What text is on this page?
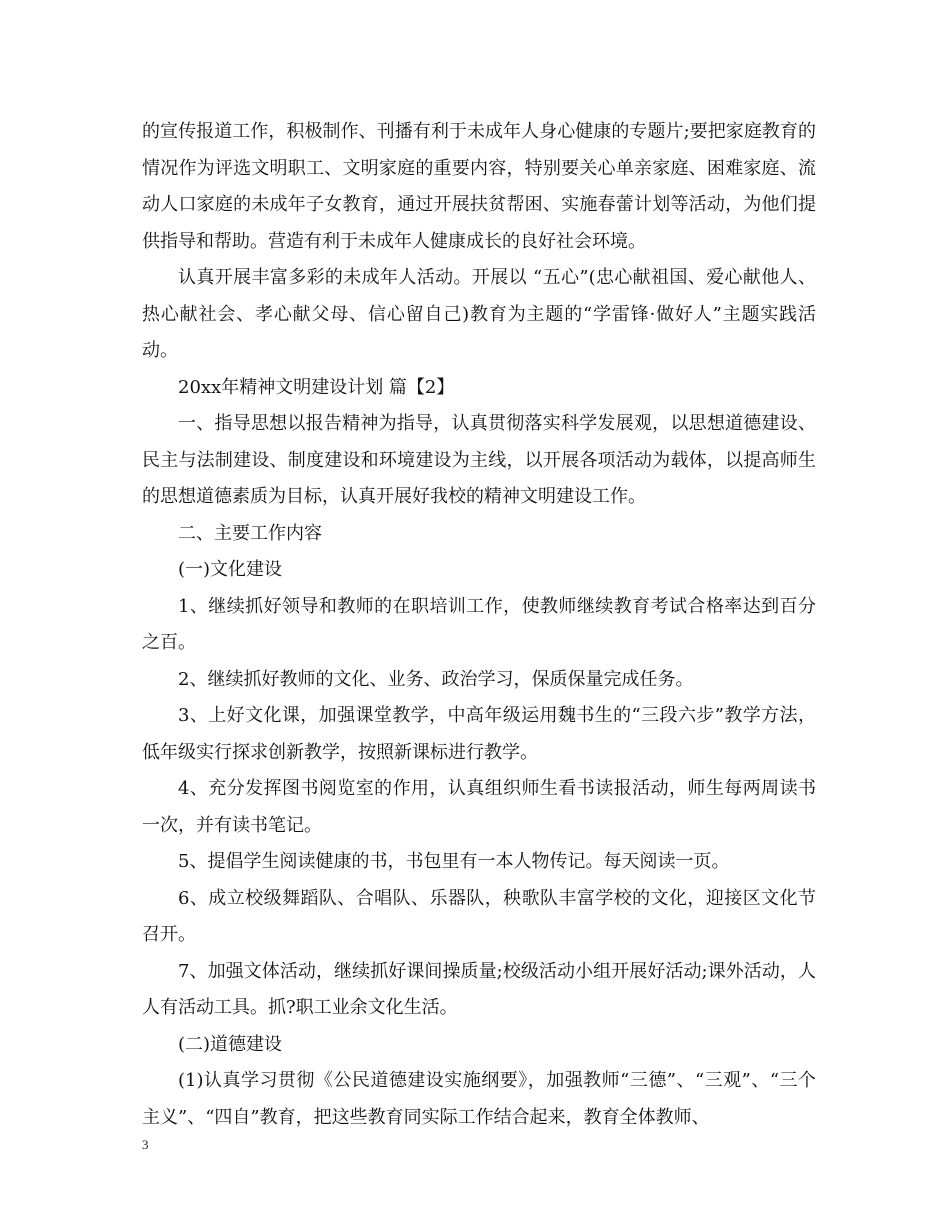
的宣传报道工作，积极制作、刊播有利于未成年人身心健康的专题片;要把家庭教育的情况作为评选文明职工、文明家庭的重要内容，特别要关心单亲家庭、困难家庭、流动人口家庭的未成年子女教育，通过开展扶贫帮困、实施春蕾计划等活动，为他们提供指导和帮助。营造有利于未成年人健康成长的良好社会环境。

认真开展丰富多彩的未成年人活动。开展以 “五心”(忠心献祖国、爱心献他人、热心献社会、孝心献父母、信心留自己)教育为主题的“学雷锋·做好人”主题实践活动。

20xx年精神文明建设计划 篇【2】

一、指导思想以报告精神为指导，认真贯彻落实科学发展观，以思想道德建设、民主与法制建设、制度建设和环境建设为主线，以开展各项活动为载体，以提高师生的思想道德素质为目标，认真开展好我校的精神文明建设工作。

二、主要工作内容

(一)文化建设

1、继续抓好领导和教师的在职培训工作，使教师继续教育考试合格率达到百分之百。

2、继续抓好教师的文化、业务、政治学习，保质保量完成任务。

3、上好文化课，加强课堂教学，中高年级运用魏书生的“三段六步”教学方法，低年级实行探求创新教学，按照新课标进行教学。

4、充分发挥图书阅览室的作用，认真组织师生看书读报活动，师生每两周读书一次，并有读书笔记。

5、提倡学生阅读健康的书，书包里有一本人物传记。每天阅读一页。

6、成立校级舞蹈队、合唱队、乐器队，秧歌队丰富学校的文化，迎接区文化节召开。

7、加强文体活动，继续抓好课间操质量;校级活动小组开展好活动;课外活动，人人有活动工具。抓?职工业余文化生活。

(二)道德建设

(1)认真学习贯彻《公民道德建设实施纲要》，加强教师“三德”、“三观”、“三个主义”、“四自”教育，把这些教育同实际工作结合起来，教育全体教师、

3
